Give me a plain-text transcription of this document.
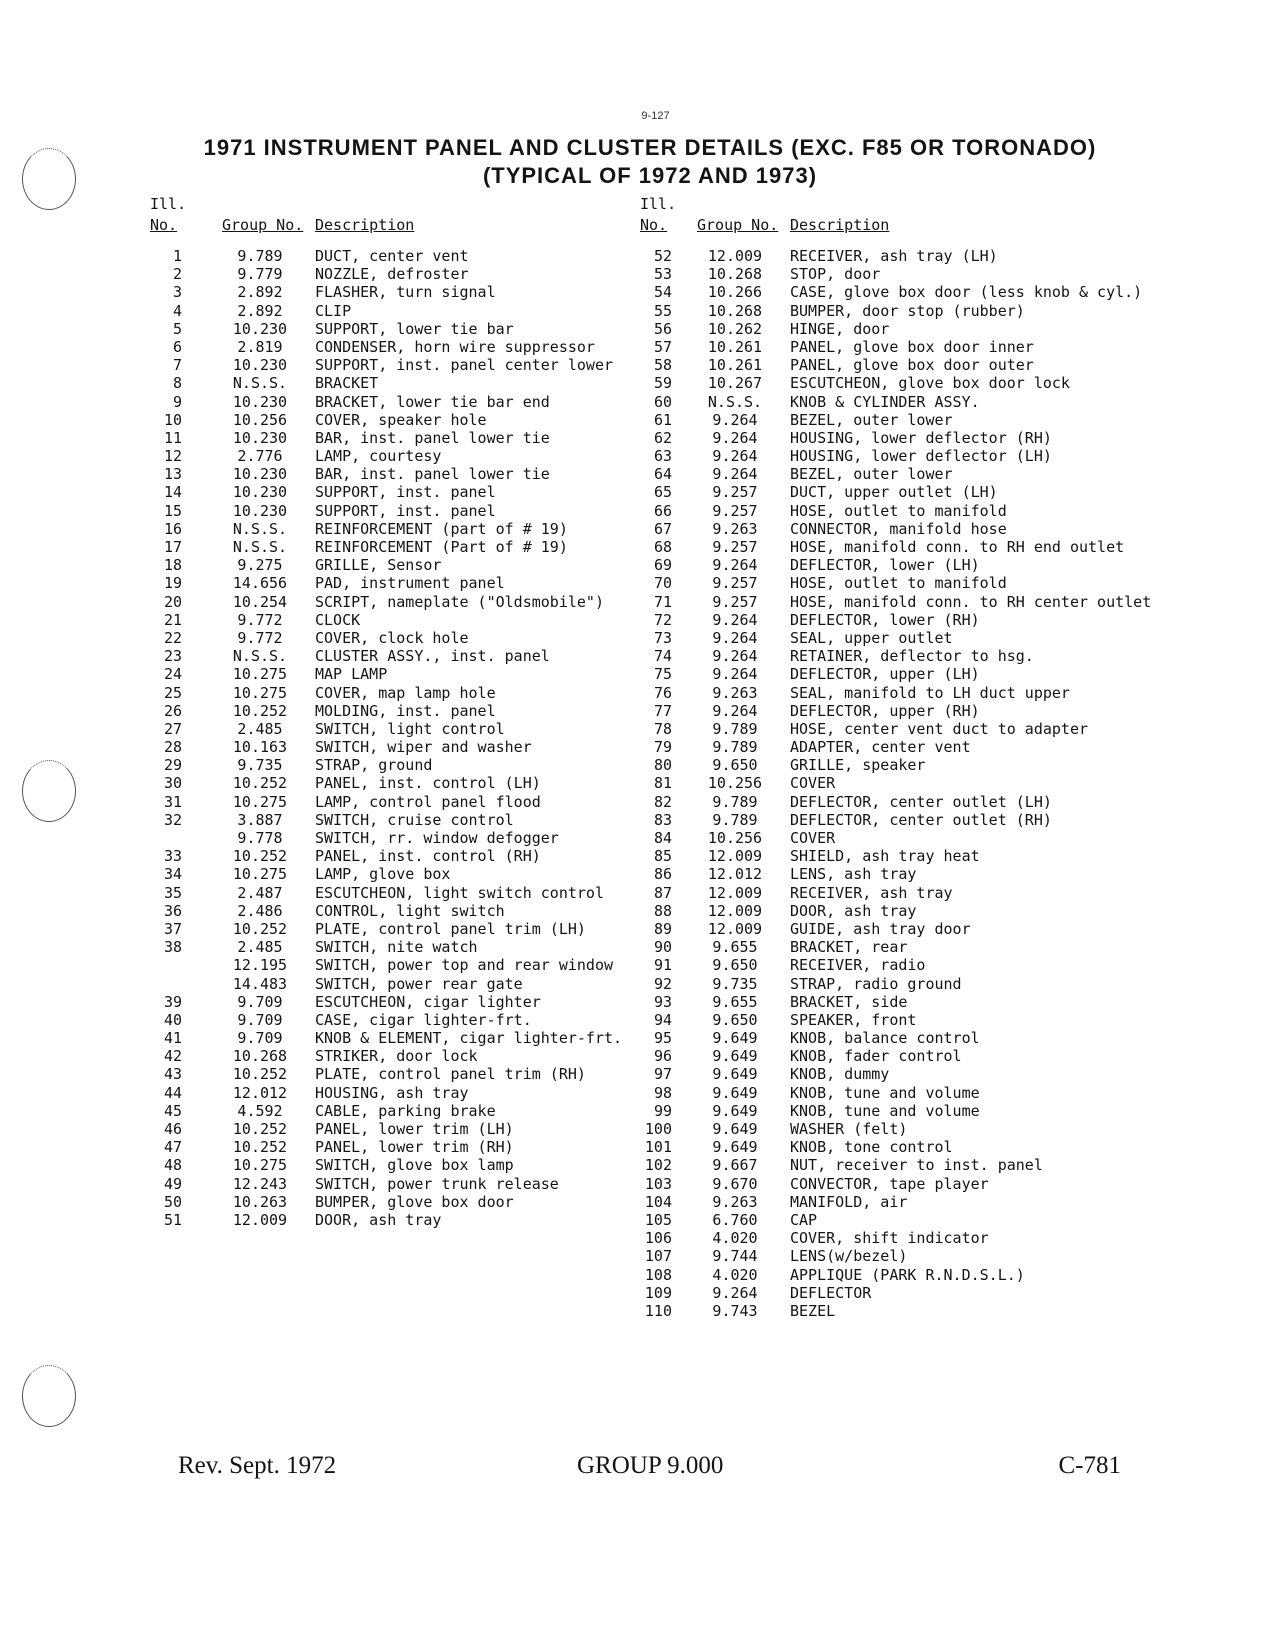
9-127
1971 INSTRUMENT PANEL AND CLUSTER DETAILS (EXC. F85 OR TORONADO)
(TYPICAL OF 1972 AND 1973)
Ill.
No.	Group No. Description
1	9.789	DUCT, center vent
2	9.779	NOZZLE, defroster
3	2.892	FLASHER, turn signal
4	2.892	CLIP
5	10.230	SUPPORT, lower tie bar
6	2.819	CONDENSER, horn wire suppressor
7	10.230	SUPPORT, inst. panel center lower
8	N.S.S.	BRACKET
9	10.230	BRACKET, lower tie bar end
10	10.256	COVER, speaker hole
11	10.230	BAR, inst. panel lower tie
12	2.776	LAMP, courtesy
13	10.230	BAR, inst. panel lower tie
14	10.230	SUPPORT, inst. panel
15	10.230	SUPPORT, inst. panel
16	N.S.S.	REINFORCEMENT (part of # 19)
17	N.S.S.	REINFORCEMENT (Part of # 19)
18	9.275	GRILLE, Sensor
19	14.656	PAD, instrument panel
20	10.254	SCRIPT, nameplate ("Oldsmobile")
21	9.772	CLOCK
22	9.772	COVER, clock hole
23	N.S.S.	CLUSTER ASSY., inst. panel
24	10.275	MAP LAMP
25	10.275	COVER, map lamp hole
26	10.252	MOLDING, inst. panel
27	2.485	SWITCH, light control
28	10.163	SWITCH, wiper and washer
29	9.735	STRAP, ground
30	10.252	PANEL, inst. control (LH)
31	10.275	LAMP, control panel flood
32	3.887	SWITCH, cruise control
9.778	SWITCH, rr. window defogger
33	10.252	PANEL, inst. control (RH)
34	10.275	LAMP, glove box
35	2.487	ESCUTCHEON, light switch control
36	2.486	CONTROL, light switch
37	10.252	PLATE, control panel trim (LH)
38	2.485	SWITCH, nite watch
12.195	SWITCH, power top and rear window
14.483	SWITCH, power rear gate
39	9.709	ESCUTCHEON, cigar lighter
40	9.709	CASE, cigar lighter-frt.
41	9.709	KNOB & ELEMENT, cigar lighter-frt.
42	10.268	STRIKER, door lock
43	10.252	PLATE, control panel trim (RH)
44	12.012	HOUSING, ash tray
45	4.592	CABLE, parking brake
46	10.252	PANEL, lower trim (LH)
47	10.252	PANEL, lower trim (RH)
48	10.275	SWITCH, glove box lamp
49	12.243	SWITCH, power trunk release
50	10.263	BUMPER, glove box door
51	12.009	DOOR, ash tray
Ill.
No. Group No. Description
52	12.009	RECEIVER, ash tray (LH)
53	10.268	STOP, door
54	10.266	CASE, glove box door (less knob & cyl.)
55	10.268	BUMPER, door stop (rubber)
56	10.262	HINGE, door
57	10.261	PANEL, glove box door inner
58	10.261	PANEL, glove box door outer
59	10.267	ESCUTCHEON, glove box door lock
60	N.S.S.	KNOB & CYLINDER ASSY.
61	9.264	BEZEL, outer lower
62	9.264	HOUSING, lower deflector (RH)
63	9.264	HOUSING, lower deflector (LH)
64	9.264	BEZEL, outer lower
65	9.257	DUCT, upper outlet (LH)
66	9.257	HOSE, outlet to manifold
67	9.263	CONNECTOR, manifold hose
68	9.257	HOSE, manifold conn. to RH end outlet
69	9.264	DEFLECTOR, lower (LH)
70	9.257	HOSE, outlet to manifold
71	9.257	HOSE, manifold conn. to RH center outlet
72	9.264	DEFLECTOR, lower (RH)
73	9.264	SEAL, upper outlet
74	9.264	RETAINER, deflector to hsg.
75	9.264	DEFLECTOR, upper (LH)
76	9.263	SEAL, manifold to LH duct upper
77	9.264	DEFLECTOR, upper (RH)
78	9.789	HOSE, center vent duct to adapter
79	9.789	ADAPTER, center vent
80	9.650	GRILLE, speaker
81	10.256	COVER
82	9.789	DEFLECTOR, center outlet (LH)
83	9.789	DEFLECTOR, center outlet (RH)
84	10.256	COVER
85	12.009	SHIELD, ash tray heat
86	12.012	LENS, ash tray
87	12.009	RECEIVER, ash tray
88	12.009	DOOR, ash tray
89	12.009	GUIDE, ash tray door
90	9.655	BRACKET, rear
91	9.650	RECEIVER, radio
92	9.735	STRAP, radio ground
93	9.655	BRACKET, side
94	9.650	SPEAKER, front
95	9.649	KNOB, balance control
96	9.649	KNOB, fader control
97	9.649	KNOB, dummy
98	9.649	KNOB, tune and volume
99	9.649	KNOB, tune and volume
100	9.649	WASHER (felt)
101	9.649	KNOB, tone control
102	9.667	NUT, receiver to inst. panel
103	9.670	CONVECTOR, tape player
104	9.263	MANIFOLD, air
105	6.760	CAP
106	4.020	COVER, shift indicator
107	9.744	LENS(w/bezel)
108	4.020	APPLIQUE (PARK R.N.D.S.L.)
109	9.264	DEFLECTOR
110	9.743	BEZEL
Rev. Sept. 1972	GROUP 9.000	C-781
